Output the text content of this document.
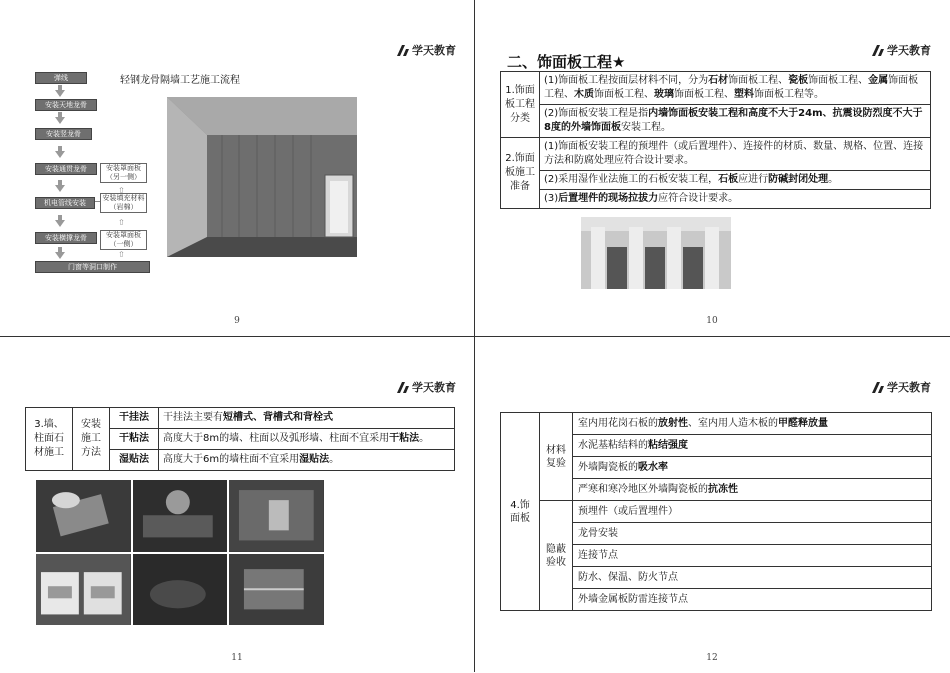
学天教育
轻钢龙骨隔墙工艺施工流程
弹线
安装天地龙骨
安装竖龙骨
安装通贯龙骨
机电管线安装
安装横撑龙骨
门窗等洞口制作
安装罩面板（另一侧）
安装填充材料（岩棉）
安装罩面板（一侧）
⇧
⇧
⇧
9
学天教育
二、饰面板工程★
1.饰面板工程分类	(1)饰面板工程按面层材料不同，分为石材饰面板工程、瓷板饰面板工程、金属饰面板工程、木质饰面板工程、玻璃饰面板工程、塑料饰面板工程等。
	(2)饰面板安装工程是指内墙饰面板安装工程和高度不大于24m、抗震设防烈度不大于8度的外墙饰面板安装工程。
2.饰面板施工准备	(1)饰面板安装工程的预埋件（或后置埋件）、连接件的材质、数量、规格、位置、连接方法和防腐处理应符合设计要求。
	(2)采用湿作业法施工的石板安装工程，石板应进行防碱封闭处理。
	(3)后置埋件的现场拉拔力应符合设计要求。
10
学天教育
3.墙、柱面石材施工	安装施工方法	干挂法	干挂法主要有短槽式、背槽式和背栓式
		干粘法	高度大于8m的墙、柱面以及弧形墙、柱面不宜采用干粘法。
		湿贴法	高度大于6m的墙柱面不宜采用湿贴法。
11
学天教育
4.饰面板	材料复验	室内用花岗石板的放射性、室内用人造木板的甲醛释放量
		水泥基粘结料的粘结强度
		外墙陶瓷板的吸水率
		严寒和寒冷地区外墙陶瓷板的抗冻性
	隐蔽验收	预埋件（或后置埋件）
		龙骨安装
		连接节点
		防水、保温、防火节点
		外墙金属板防雷连接节点
12
